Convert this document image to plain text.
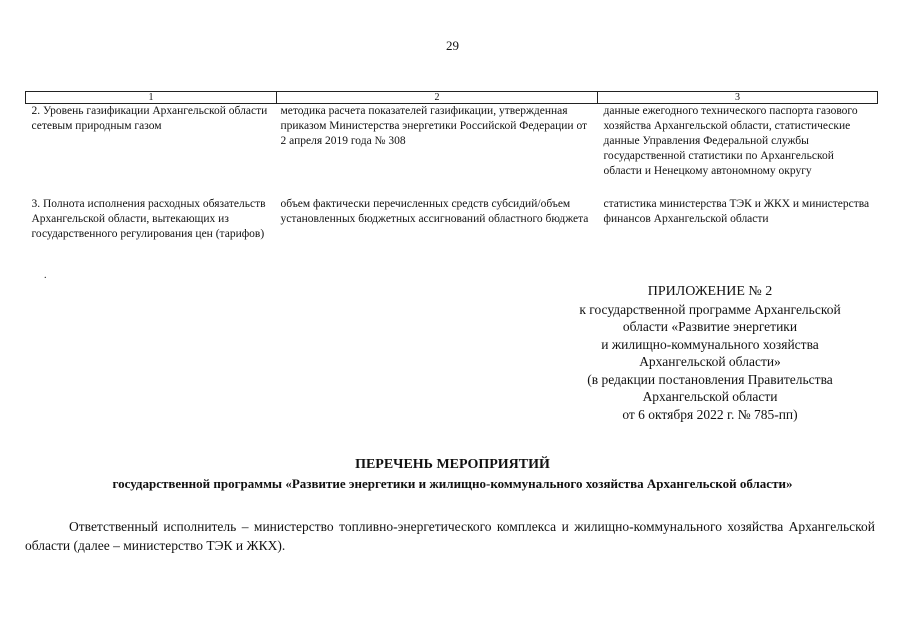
29
1	2	3
2. Уровень газификации Архангельской области сетевым природным газом	методика расчета показателей газификации, утвержденная приказом Министерства энергетики Российской Федерации от 2 апреля 2019 года № 308	данные ежегодного технического паспорта газового хозяйства Архангельской области, статистические данные Управления Федеральной службы государственной статистики по Архангельской области и Ненецкому автономному округу
3. Полнота исполнения расходных обязательств Архангельской области, вытекающих из государственного регулирования цен (тарифов)	объем фактически перечисленных средств субсидий/объем установленных бюджетных ассигнований областного бюджета	статистика министерства ТЭК и ЖКХ и министерства финансов Архангельской области
.
ПРИЛОЖЕНИЕ № 2
к государственной программе Архангельской
области «Развитие энергетики
и жилищно-коммунального хозяйства
Архангельской области»
(в редакции постановления Правительства
Архангельской области
от 6 октября 2022 г. № 785-пп)
ПЕРЕЧЕНЬ МЕРОПРИЯТИЙ
государственной программы «Развитие энергетики и жилищно-коммунального хозяйства Архангельской области»
Ответственный исполнитель – министерство топливно-энергетического комплекса и жилищно-коммунального хозяйства Архангельской области (далее – министерство ТЭК и ЖКХ).
